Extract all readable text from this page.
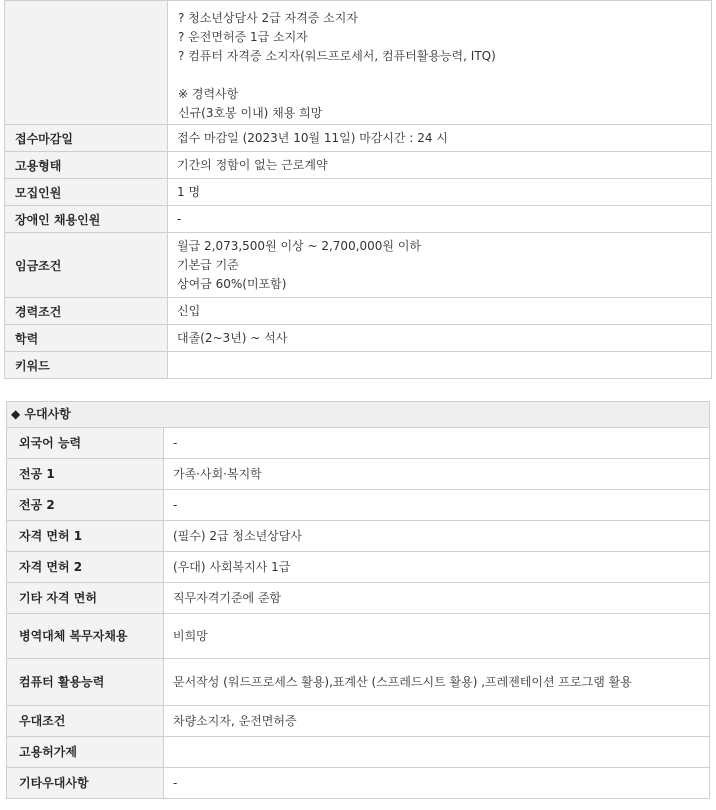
	? 청소년상담사 2급 자격증 소지자
? 운전면허증 1급 소지자
? 컴퓨터 자격증 소지자(워드프로세서, 컴퓨터활용능력, ITQ)

※ 경력사항
신규(3호봉 이내) 채용 희망

접수마감일	접수 마감일 (2023년 10월 11일) 마감시간 : 24 시
고용형태	기간의 정함이 없는 근로계약
모집인원	1 명
장애인 채용인원	-
임금조건	월급 2,073,500원 이상 ~ 2,700,000원 이하
기본급 기준
상여금 60%(미포함)
경력조건	신입
학력	대졸(2~3년) ~ 석사
키워드	
◆ 우대사항
외국어 능력	-
전공 1	가족·사회·복지학
전공 2	-
자격 면허 1	(필수) 2급 청소년상담사
자격 면허 2	(우대) 사회복지사 1급
기타 자격 면허	직무자격기준에 준함
병역대체 복무자채용	비희망
컴퓨터 활용능력	문서작성 (워드프로세스 활용),표계산 (스프레드시트 활용) ,프레젠테이션 프로그램 활용
우대조건	차량소지자, 운전면허증
고용허가제	
기타우대사항	-
